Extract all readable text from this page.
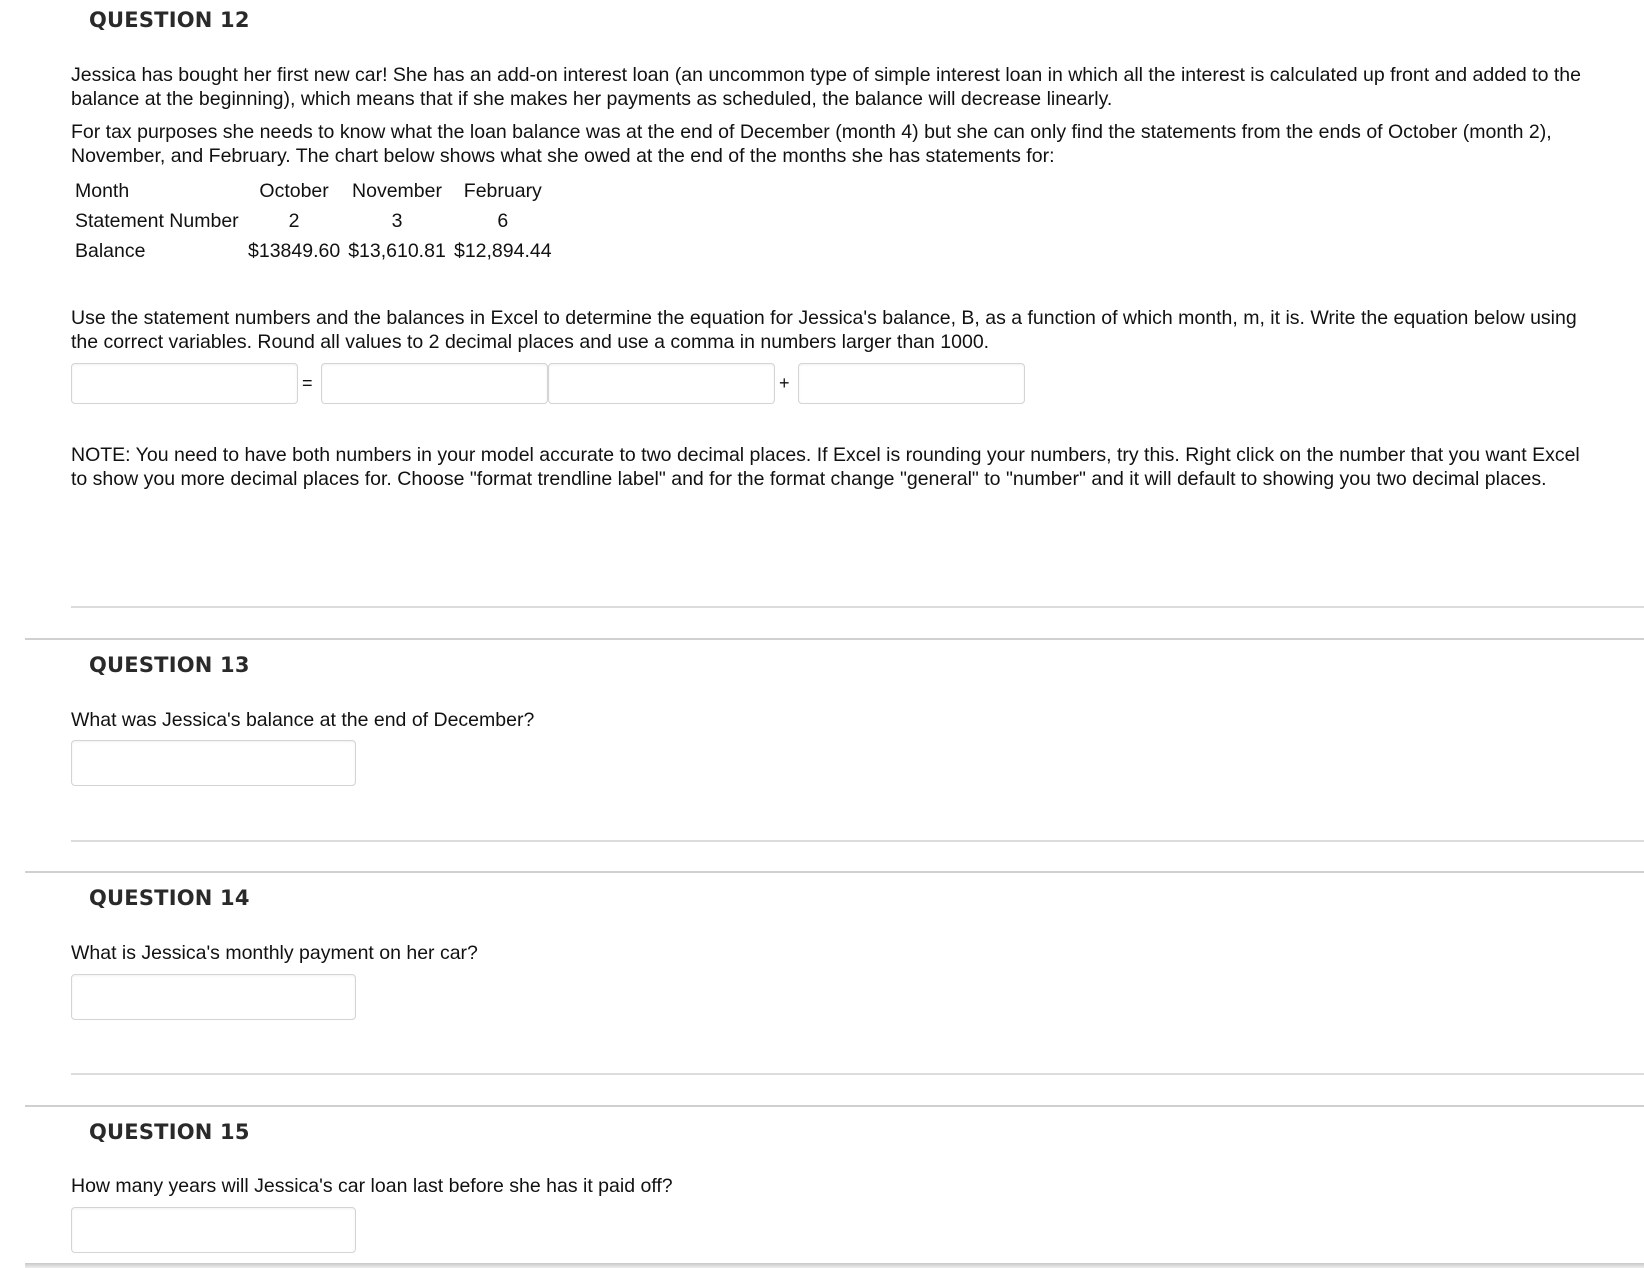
QUESTION 12

Jessica has bought her first new car! She has an add-on interest loan (an uncommon type of simple interest loan in which all the interest is calculated up front and added to the balance at the beginning), which means that if she makes her payments as scheduled, the balance will decrease linearly.

For tax purposes she needs to know what the loan balance was at the end of December (month 4) but she can only find the statements from the ends of October (month 2), November, and February. The chart below shows what she owed at the end of the months she has statements for:

Month	October	November	February
Statement Number	2	3	6
Balance	$13849.60	$13,610.81	$12,894.44

Use the statement numbers and the balances in Excel to determine the equation for Jessica's balance, B, as a function of which month, m, it is. Write the equation below using the correct variables. Round all values to 2 decimal places and use a comma in numbers larger than 1000.

=	+

NOTE: You need to have both numbers in your model accurate to two decimal places. If Excel is rounding your numbers, try this. Right click on the number that you want Excel to show you more decimal places for. Choose "format trendline label" and for the format change "general" to "number" and it will default to showing you two decimal places.

QUESTION 13

What was Jessica's balance at the end of December?

QUESTION 14

What is Jessica's monthly payment on her car?

QUESTION 15

How many years will Jessica's car loan last before she has it paid off?
